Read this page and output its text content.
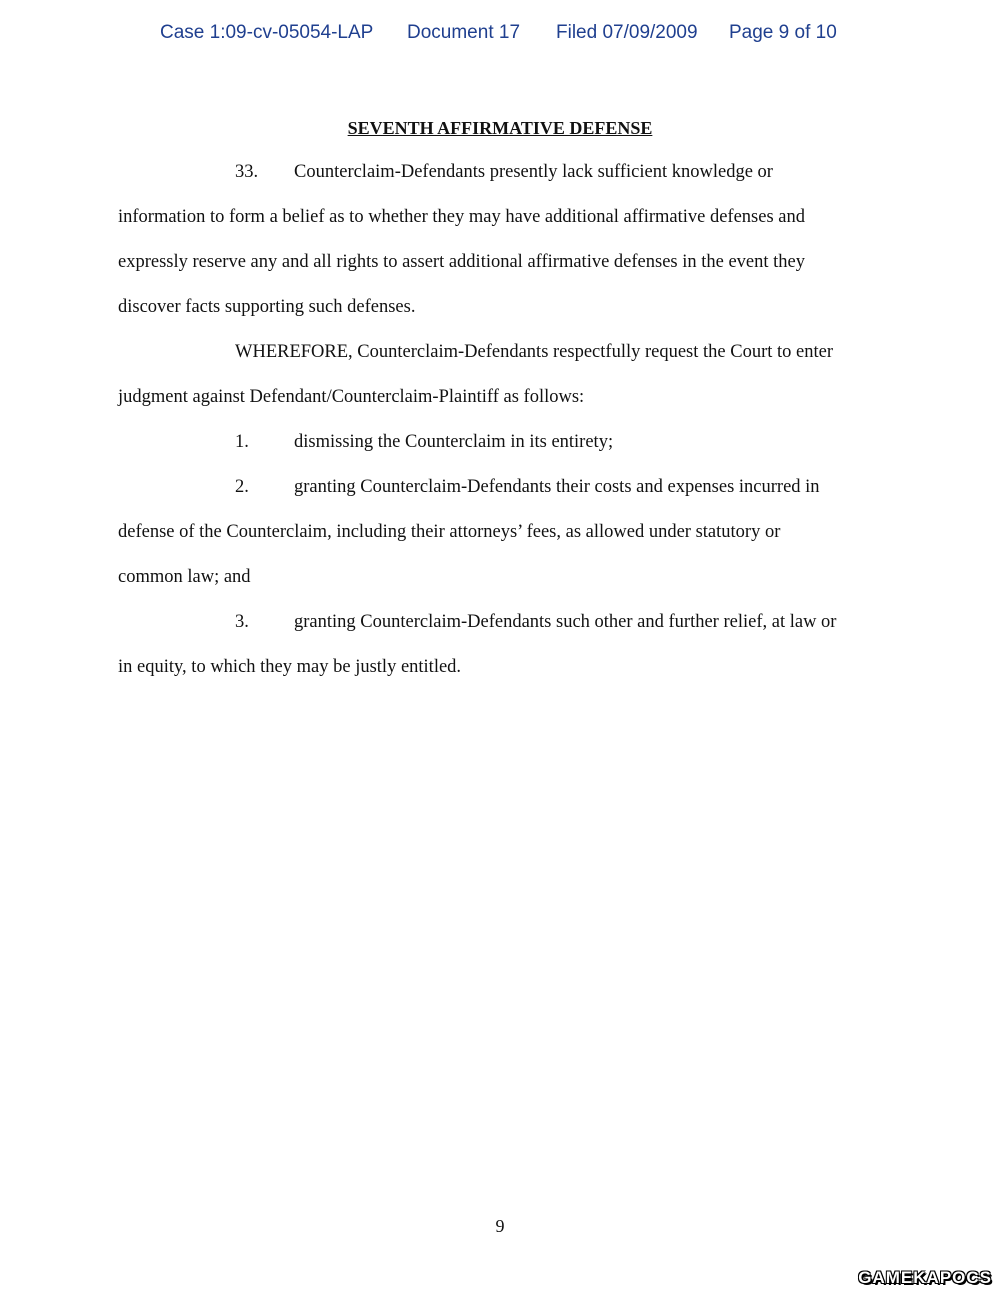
Case 1:09-cv-05054-LAP Document 17 Filed 07/09/2009 Page 9 of 10
SEVENTH AFFIRMATIVE DEFENSE
33. Counterclaim-Defendants presently lack sufficient knowledge or
information to form a belief as to whether they may have additional affirmative defenses and
expressly reserve any and all rights to assert additional affirmative defenses in the event they
discover facts supporting such defenses.
WHEREFORE, Counterclaim-Defendants respectfully request the Court to enter
judgment against Defendant/Counterclaim-Plaintiff as follows:
1. dismissing the Counterclaim in its entirety;
2. granting Counterclaim-Defendants their costs and expenses incurred in
defense of the Counterclaim, including their attorneys’ fees, as allowed under statutory or
common law; and
3. granting Counterclaim-Defendants such other and further relief, at law or
in equity, to which they may be justly entitled.
9
GAMEKAPOCS
